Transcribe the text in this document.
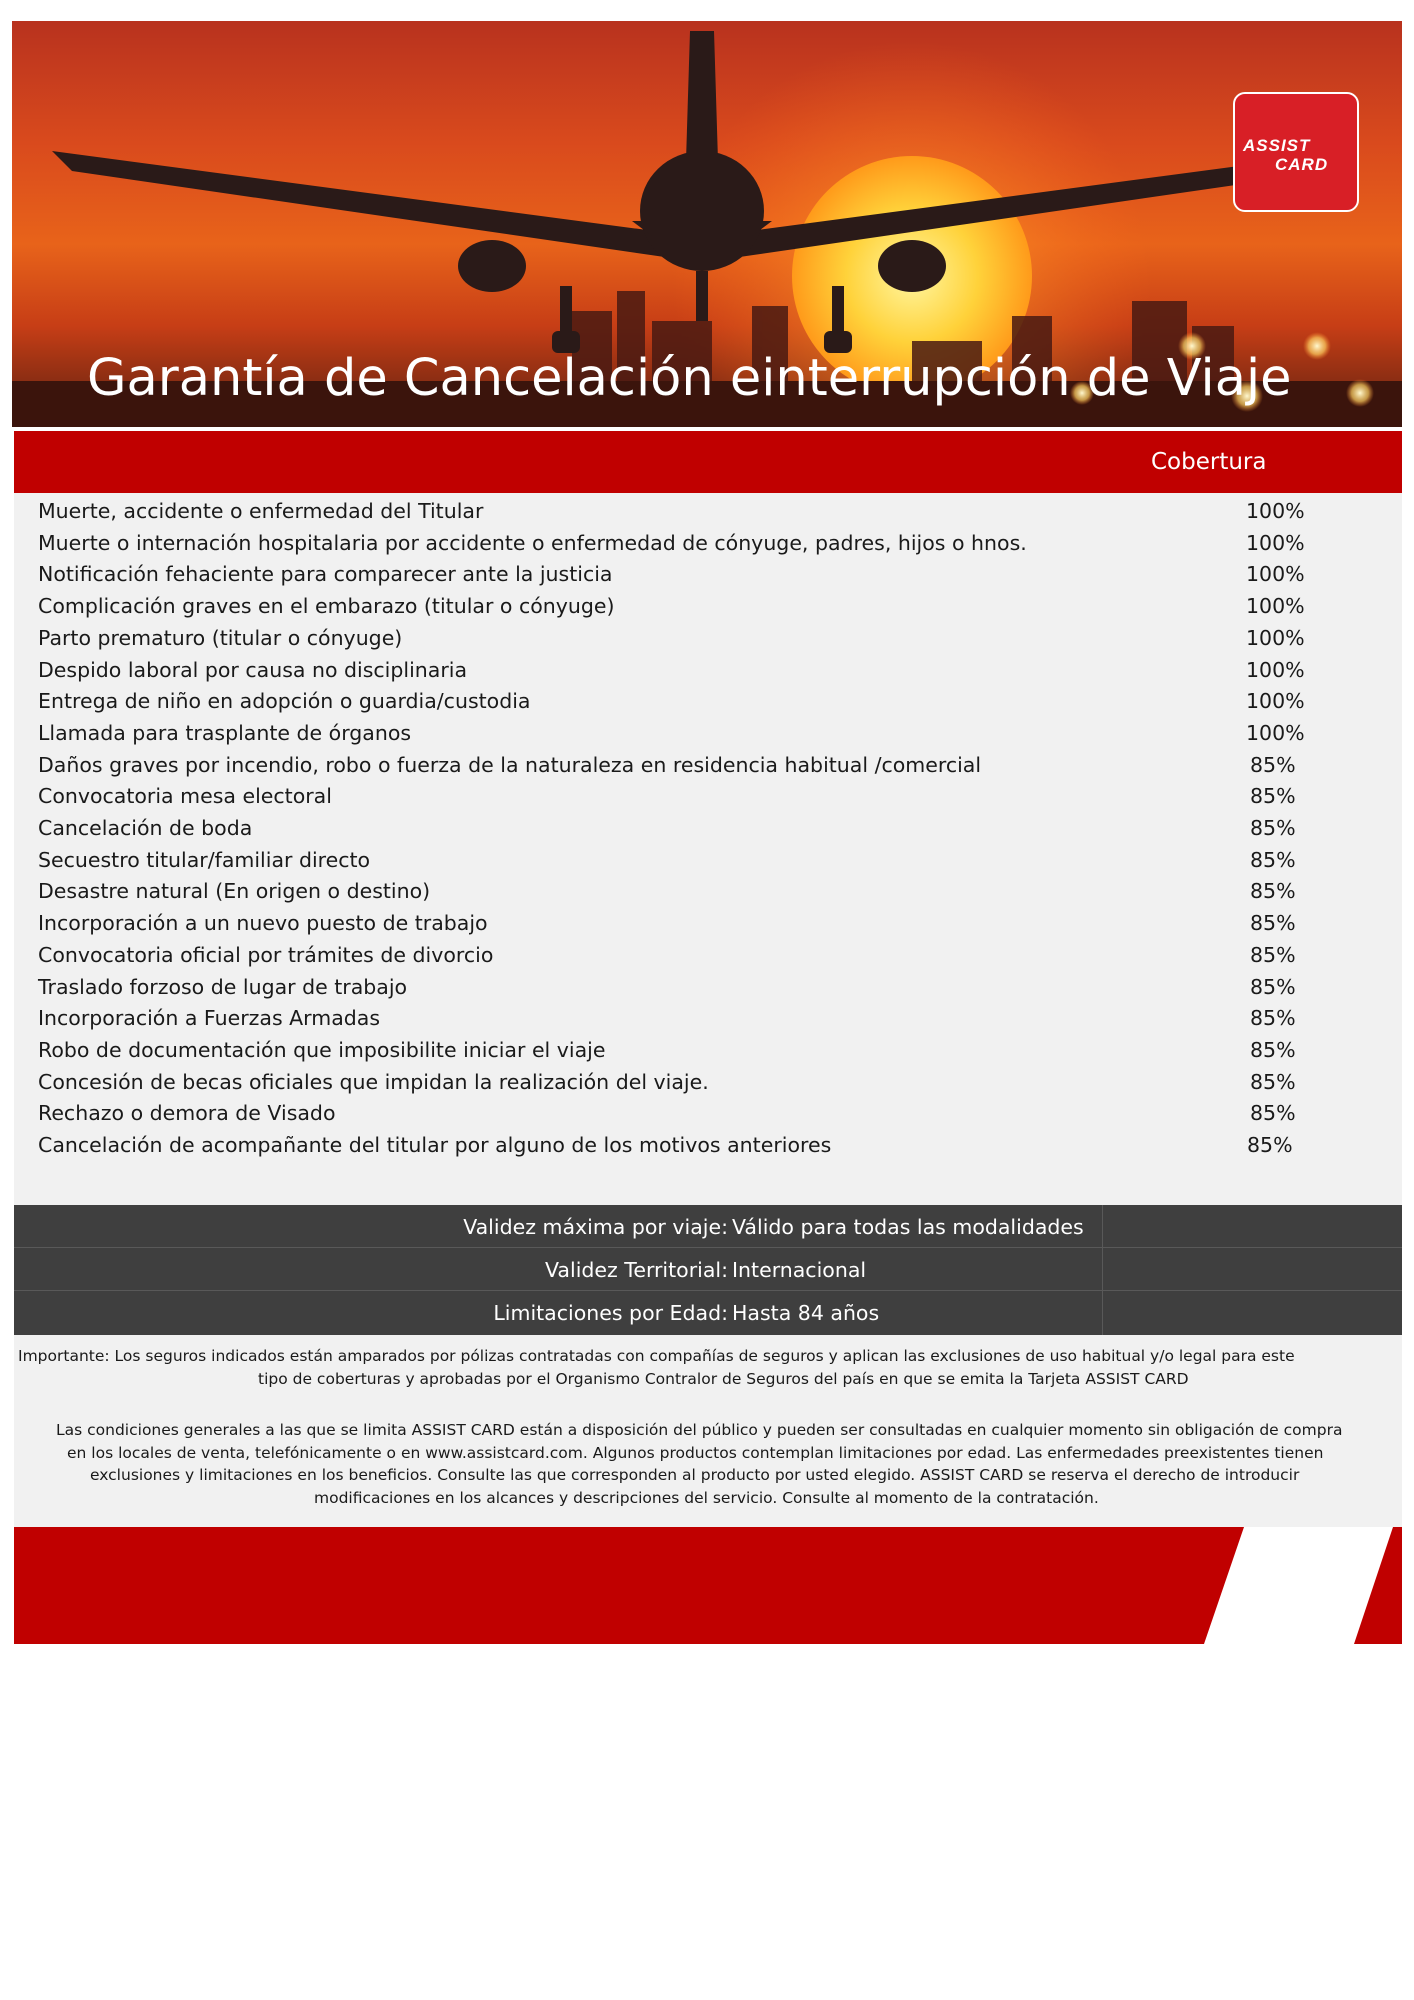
Garantía de Cancelación einterrupción de Viaje
ASSIST
CARD
Cobertura
Muerte, accidente o enfermedad del Titular	100%
Muerte o internación hospitalaria por accidente o enfermedad de cónyuge, padres, hijos o hnos.	100%
Notificación fehaciente para comparecer ante la justicia	100%
Complicación graves en el embarazo (titular o cónyuge)	100%
Parto prematuro (titular o cónyuge)	100%
Despido laboral por causa no disciplinaria	100%
Entrega de niño en adopción o guardia/custodia	100%
Llamada para trasplante de órganos	100%
Daños graves por incendio, robo o fuerza de la naturaleza en residencia habitual /comercial	85%
Convocatoria mesa electoral	85%
Cancelación de boda	85%
Secuestro titular/familiar directo	85%
Desastre natural (En origen o destino)	85%
Incorporación a un nuevo puesto de trabajo	85%
Convocatoria oficial por trámites de divorcio	85%
Traslado forzoso de lugar de trabajo	85%
Incorporación a Fuerzas Armadas	85%
Robo de documentación que imposibilite iniciar el viaje	85%
Concesión de becas oficiales que impidan la realización del viaje.	85%
Rechazo o demora de Visado	85%
Cancelación de acompañante del titular por alguno de los motivos anteriores	85%
Validez máxima por viaje: Válido para todas las modalidades
Validez Territorial: Internacional
Limitaciones por Edad: Hasta 84 años
Importante: Los seguros indicados están amparados por pólizas contratadas con compañías de seguros y aplican las exclusiones de uso habitual y/o legal para este
tipo de coberturas y aprobadas por el Organismo Contralor de Seguros del país en que se emita la Tarjeta ASSIST CARD
Las condiciones generales a las que se limita ASSIST CARD están a disposición del público y pueden ser consultadas en cualquier momento sin obligación de compra
en los locales de venta, telefónicamente o en www.assistcard.com. Algunos productos contemplan limitaciones por edad. Las enfermedades preexistentes tienen
exclusiones y limitaciones en los beneficios. Consulte las que corresponden al producto por usted elegido. ASSIST CARD se reserva el derecho de introducir
modificaciones en los alcances y descripciones del servicio. Consulte al momento de la contratación.
